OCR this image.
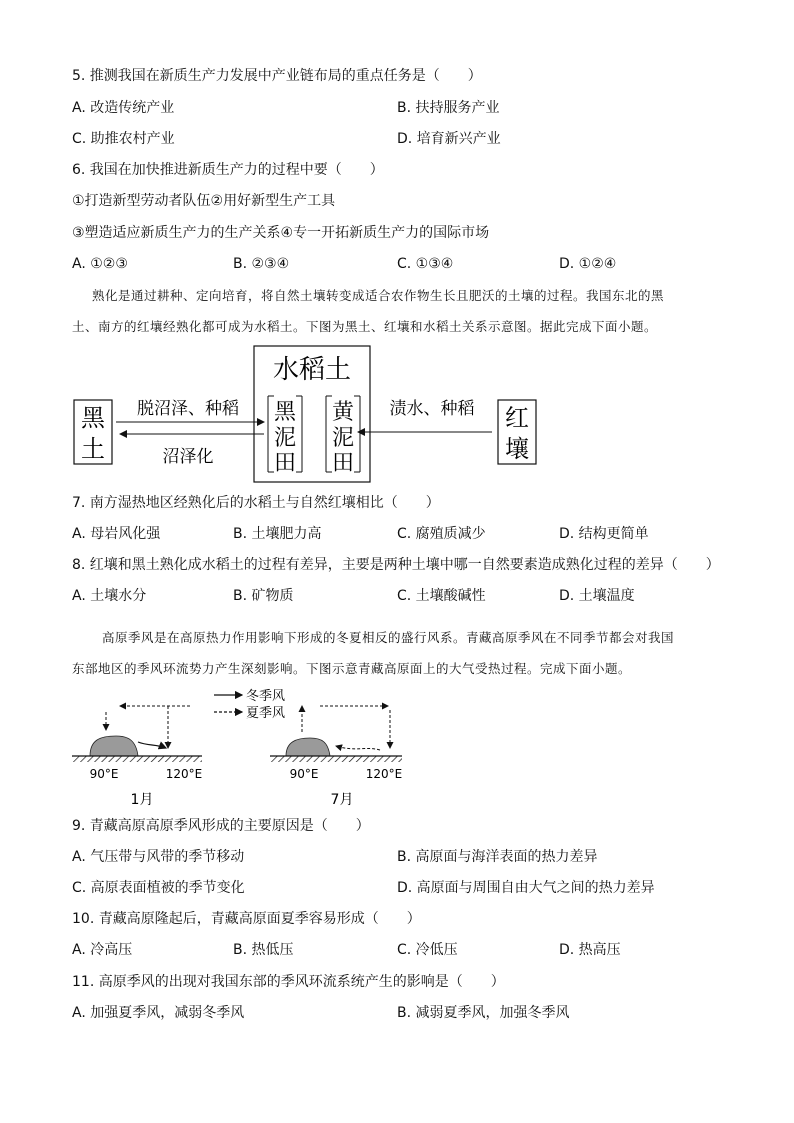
5. 推测我国在新质生产力发展中产业链布局的重点任务是（　　）
A. 改造传统产业	B. 扶持服务产业
C. 助推农村产业	D. 培育新兴产业
6. 我国在加快推进新质生产力的过程中要（　　）
①打造新型劳动者队伍②用好新型生产工具
③塑造适应新质生产力的生产关系④专一开拓新质生产力的国际市场
A. ①②③	B. ②③④	C. ①③④	D. ①②④
熟化是通过耕种、定向培育，将自然土壤转变成适合农作物生长且肥沃的土壤的过程。我国东北的黑
土、南方的红壤经熟化都可成为水稻土。下图为黑土、红壤和水稻土关系示意图。据此完成下面小题。
水稻土
黑
土
黑
泥
田
黄
泥
田
红
壤
脱沼泽、种稻
沼泽化
渍水、种稻
7. 南方湿热地区经熟化后的水稻土与自然红壤相比（　　）
A. 母岩风化强	B. 土壤肥力高	C. 腐殖质减少	D. 结构更简单
8. 红壤和黑土熟化成水稻土的过程有差异，主要是两种土壤中哪一自然要素造成熟化过程的差异（　　）
A. 土壤水分	B. 矿物质	C. 土壤酸碱性	D. 土壤温度
高原季风是在高原热力作用影响下形成的冬夏相反的盛行风系。青藏高原季风在不同季节都会对我国
东部地区的季风环流势力产生深刻影响。下图示意青藏高原面上的大气受热过程。完成下面小题。
冬季风
夏季风
90°E	120°E
1月
90°E	120°E
7月
9. 青藏高原高原季风形成的主要原因是（　　）
A. 气压带与风带的季节移动	B. 高原面与海洋表面的热力差异
C. 高原表面植被的季节变化	D. 高原面与周围自由大气之间的热力差异
10. 青藏高原隆起后，青藏高原面夏季容易形成（　　）
A. 冷高压	B. 热低压	C. 冷低压	D. 热高压
11. 高原季风的出现对我国东部的季风环流系统产生的影响是（　　）
A. 加强夏季风，减弱冬季风	B. 减弱夏季风，加强冬季风
